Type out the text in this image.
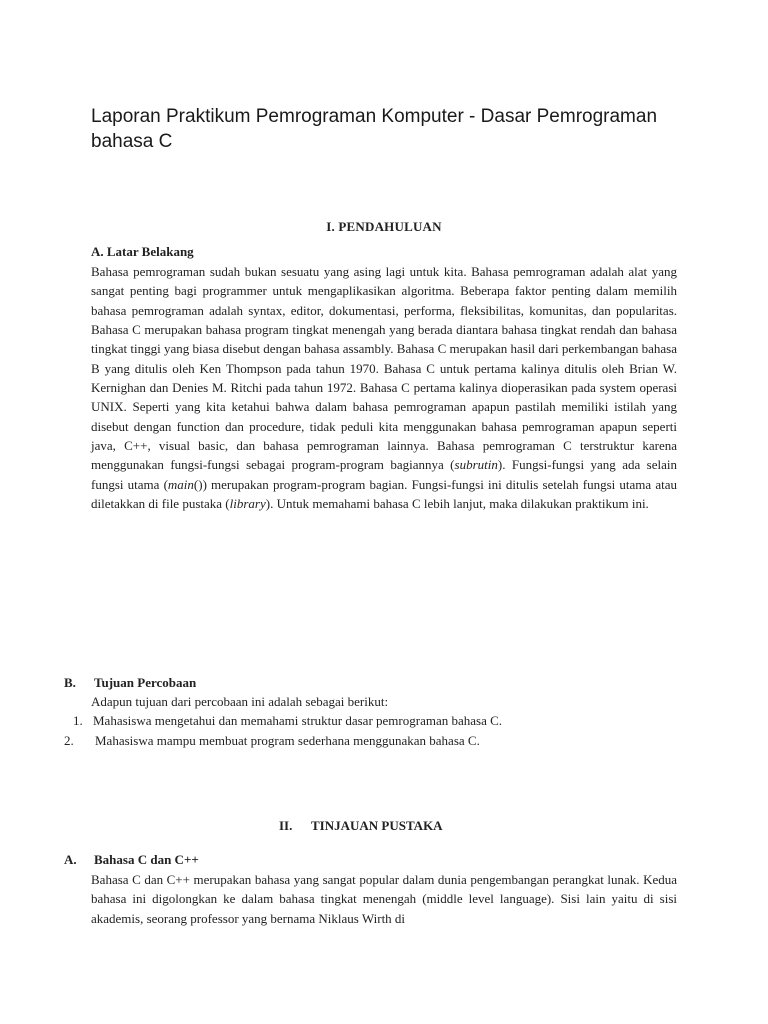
Laporan Praktikum Pemrograman Komputer - Dasar Pemrograman bahasa C
I. PENDAHULUAN
A. Latar Belakang

Bahasa pemrograman sudah bukan sesuatu yang asing lagi untuk kita. Bahasa pemrograman adalah alat yang sangat penting bagi programmer untuk mengaplikasikan algoritma. Beberapa faktor penting dalam memilih bahasa pemrograman adalah syntax, editor, dokumentasi, performa, fleksibilitas, komunitas, dan popularitas. Bahasa C merupakan bahasa program tingkat menengah yang berada diantara bahasa tingkat rendah dan bahasa tingkat tinggi yang biasa disebut dengan bahasa assambly. Bahasa C merupakan hasil dari perkembangan bahasa B yang ditulis oleh Ken Thompson pada tahun 1970. Bahasa C untuk pertama kalinya ditulis oleh Brian W. Kernighan dan Denies M. Ritchi pada tahun 1972. Bahasa C pertama kalinya dioperasikan pada system operasi UNIX. Seperti yang kita ketahui bahwa dalam bahasa pemrograman apapun pastilah memiliki istilah yang disebut dengan function dan procedure, tidak peduli kita menggunakan bahasa pemrograman apapun seperti java, C++, visual basic, dan bahasa pemrograman lainnya. Bahasa pemrograman C terstruktur karena menggunakan fungsi-fungsi sebagai program-program bagiannya (subrutin). Fungsi-fungsi yang ada selain fungsi utama (main()) merupakan program-program bagian. Fungsi-fungsi ini ditulis setelah fungsi utama atau diletakkan di file pustaka (library). Untuk memahami bahasa C lebih lanjut, maka dilakukan praktikum ini.

B. Tujuan Percobaan
Adapun tujuan dari percobaan ini adalah sebagai berikut:
1. Mahasiswa mengetahui dan memahami struktur dasar pemrograman bahasa C.
2. Mahasiswa mampu membuat program sederhana menggunakan bahasa C.
II. TINJAUAN PUSTAKA
A. Bahasa C dan C++

Bahasa C dan C++ merupakan bahasa yang sangat popular dalam dunia pengembangan perangkat lunak. Kedua bahasa ini digolongkan ke dalam bahasa tingkat menengah (middle level language). Sisi lain yaitu di sisi akademis, seorang professor yang bernama Niklaus Wirth di
